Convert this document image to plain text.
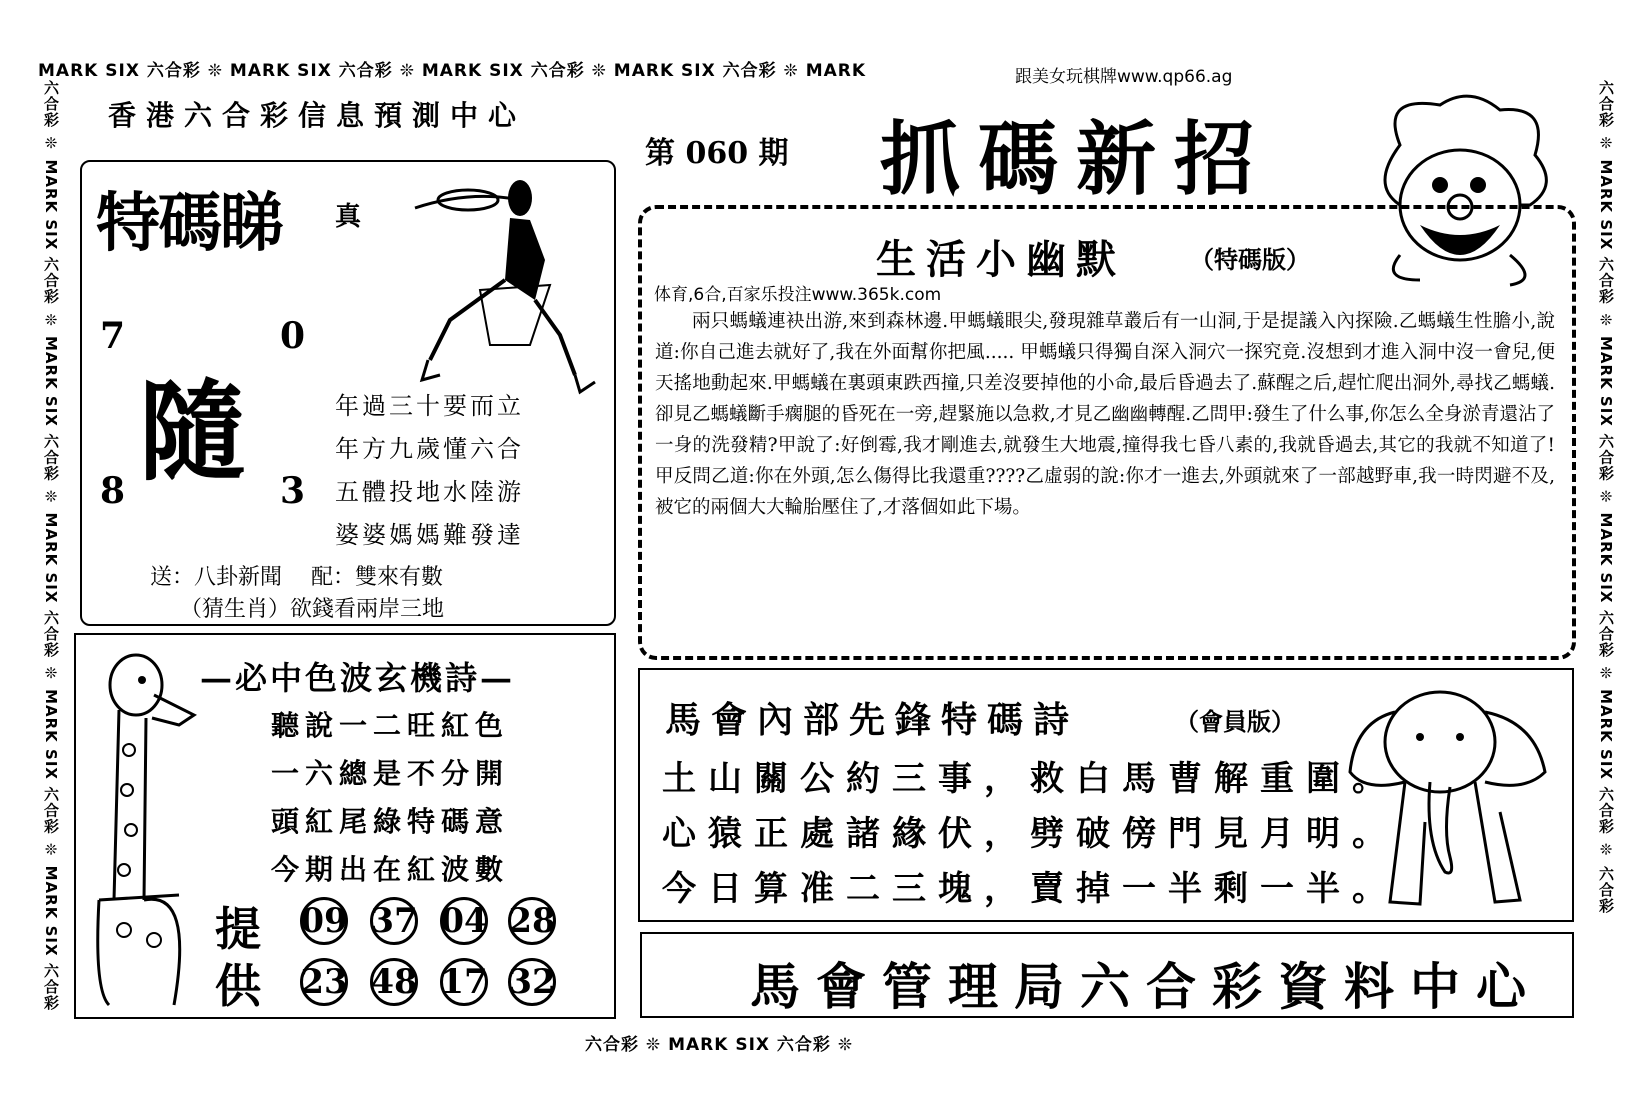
MARK SIX 六合彩 ❊ MARK SIX 六合彩 ❊ MARK SIX 六合彩 ❊ MARK SIX 六合彩 ❊ MARK
六合彩 ❊ MARK SIX 六合彩 ❊
六合彩 ❊ MARK SIX 六合彩 ❊ MARK SIX 六合彩 ❊ MARK SIX 六合彩 ❊ MARK SIX 六合彩 ❊ MARK SIX 六合彩	六合彩 ❊ MARK SIX 六合彩 ❊ MARK SIX 六合彩 ❊ MARK SIX 六合彩 ❊ MARK SIX 六合彩 ❊ 六合彩
跟美女玩棋牌www.qp66.ag
香港六合彩信息預測中心
特碼睇 真
7	0
8	3
隨	年過三十要而立
年方九歲懂六合
五體投地水陸游
婆婆媽媽難發達
送：八卦新聞　 配：雙來有數
（猜生肖）欲錢看兩岸三地
第 060 期 抓碼新招
生活小幽默	（特碼版）
体育,6合,百家乐投注www.365k.com
兩只螞蟻連袂出游,來到森林邊.甲螞蟻眼尖,發現雜草叢后有一山洞,于是提議入內探險.乙螞蟻生性膽小,說道:你自己進去就好了,我在外面幫你把風..... 甲螞蟻只得獨自深入洞穴一探究竟.沒想到才進入洞中沒一會兒,便天搖地動起來.甲螞蟻在裏頭東跌西撞,只差沒要掉他的小命,最后昏過去了.蘇醒之后,趕忙爬出洞外,尋找乙螞蟻.卻見乙螞蟻斷手瘸腿的昏死在一旁,趕緊施以急救,才見乙幽幽轉醒.乙問甲:發生了什么事,你怎么全身淤青還沾了一身的洗發精?甲說了:好倒霉,我才剛進去,就發生大地震,撞得我七昏八素的,我就昏過去,其它的我就不知道了!甲反問乙道:你在外頭,怎么傷得比我還重????乙虛弱的說:你才一進去,外頭就來了一部越野車,我一時閃避不及,被它的兩個大大輪胎壓住了,才落個如此下場。
—必中色波玄機詩—
聽說一二旺紅色
一六總是不分開
頭紅尾綠特碼意
今期出在紅波數
提
供
09 37 04 28
23 48 17 32
馬會內部先鋒特碼詩	（會員版）
土山關公約三事，救白馬曹解重圍。
心猿正處諸緣伏，劈破傍門見月明。
今日算准二三塊，賣掉一半剩一半。
馬會管理局六合彩資料中心
